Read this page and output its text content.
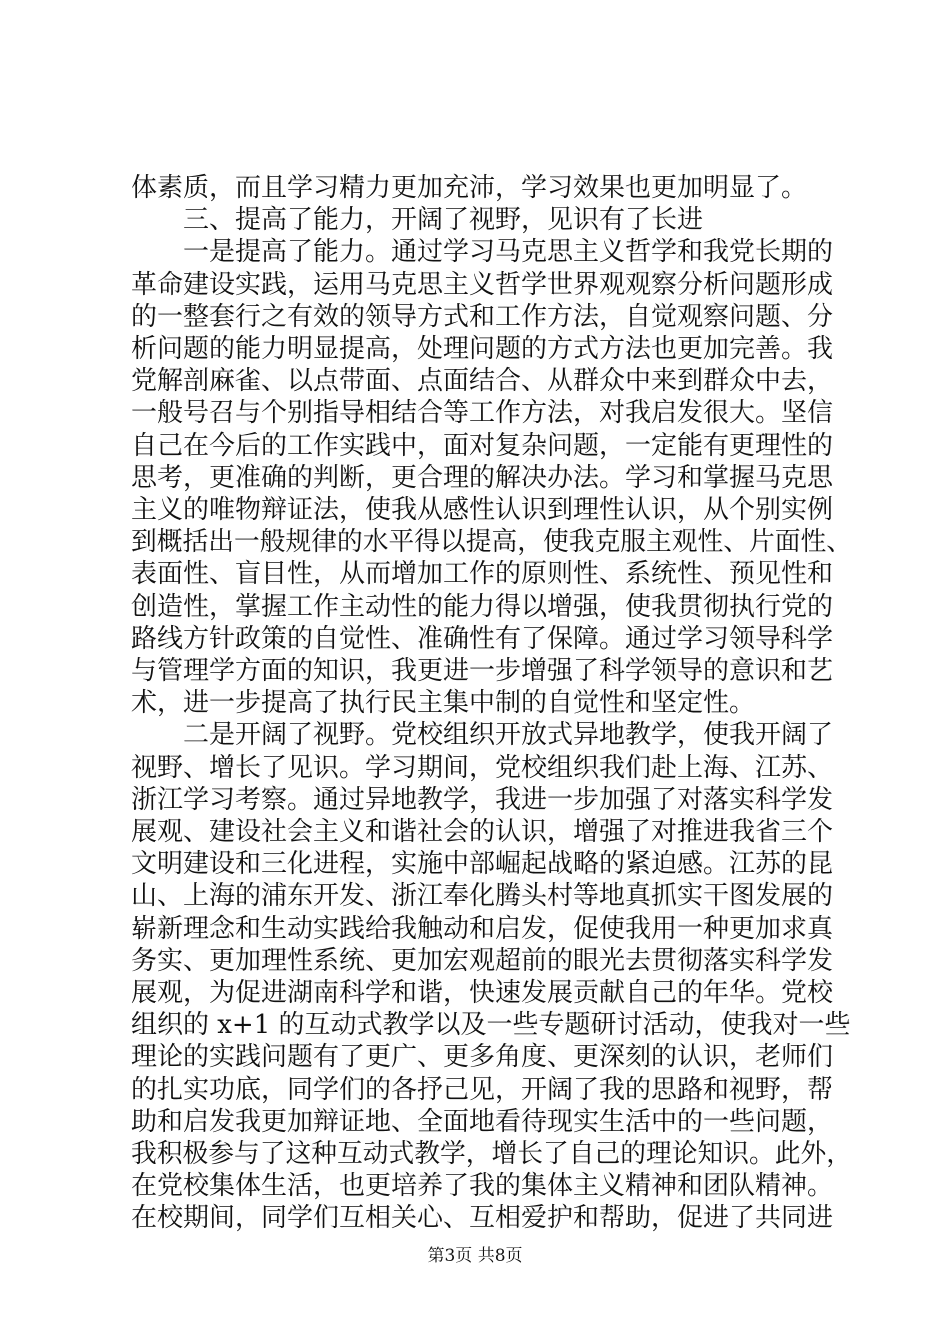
体素质，而且学习精力更加充沛，学习效果也更加明显了。
三、提高了能力，开阔了视野，见识有了长进
一是提高了能力。通过学习马克思主义哲学和我党长期的
革命建设实践，运用马克思主义哲学世界观观察分析问题形成
的一整套行之有效的领导方式和工作方法，自觉观察问题、分
析问题的能力明显提高，处理问题的方式方法也更加完善。我
党解剖麻雀、以点带面、点面结合、从群众中来到群众中去，
一般号召与个别指导相结合等工作方法，对我启发很大。坚信
自己在今后的工作实践中，面对复杂问题，一定能有更理性的
思考，更准确的判断，更合理的解决办法。学习和掌握马克思
主义的唯物辩证法，使我从感性认识到理性认识，从个别实例
到概括出一般规律的水平得以提高，使我克服主观性、片面性、
表面性、盲目性，从而增加工作的原则性、系统性、预见性和
创造性，掌握工作主动性的能力得以增强，使我贯彻执行党的
路线方针政策的自觉性、准确性有了保障。通过学习领导科学
与管理学方面的知识，我更进一步增强了科学领导的意识和艺
术，进一步提高了执行民主集中制的自觉性和坚定性。
二是开阔了视野。党校组织开放式异地教学，使我开阔了
视野、增长了见识。学习期间，党校组织我们赴上海、江苏、
浙江学习考察。通过异地教学，我进一步加强了对落实科学发
展观、建设社会主义和谐社会的认识，增强了对推进我省三个
文明建设和三化进程，实施中部崛起战略的紧迫感。江苏的昆
山、上海的浦东开发、浙江奉化腾头村等地真抓实干图发展的
崭新理念和生动实践给我触动和启发，促使我用一种更加求真
务实、更加理性系统、更加宏观超前的眼光去贯彻落实科学发
展观，为促进湖南科学和谐，快速发展贡献自己的年华。党校
组织的 x+1 的互动式教学以及一些专题研讨活动，使我对一些
理论的实践问题有了更广、更多角度、更深刻的认识，老师们
的扎实功底，同学们的各抒己见，开阔了我的思路和视野，帮
助和启发我更加辩证地、全面地看待现实生活中的一些问题，
我积极参与了这种互动式教学，增长了自己的理论知识。此外，
在党校集体生活，也更培养了我的集体主义精神和团队精神。
在校期间，同学们互相关心、互相爱护和帮助，促进了共同进
第3页 共8页
